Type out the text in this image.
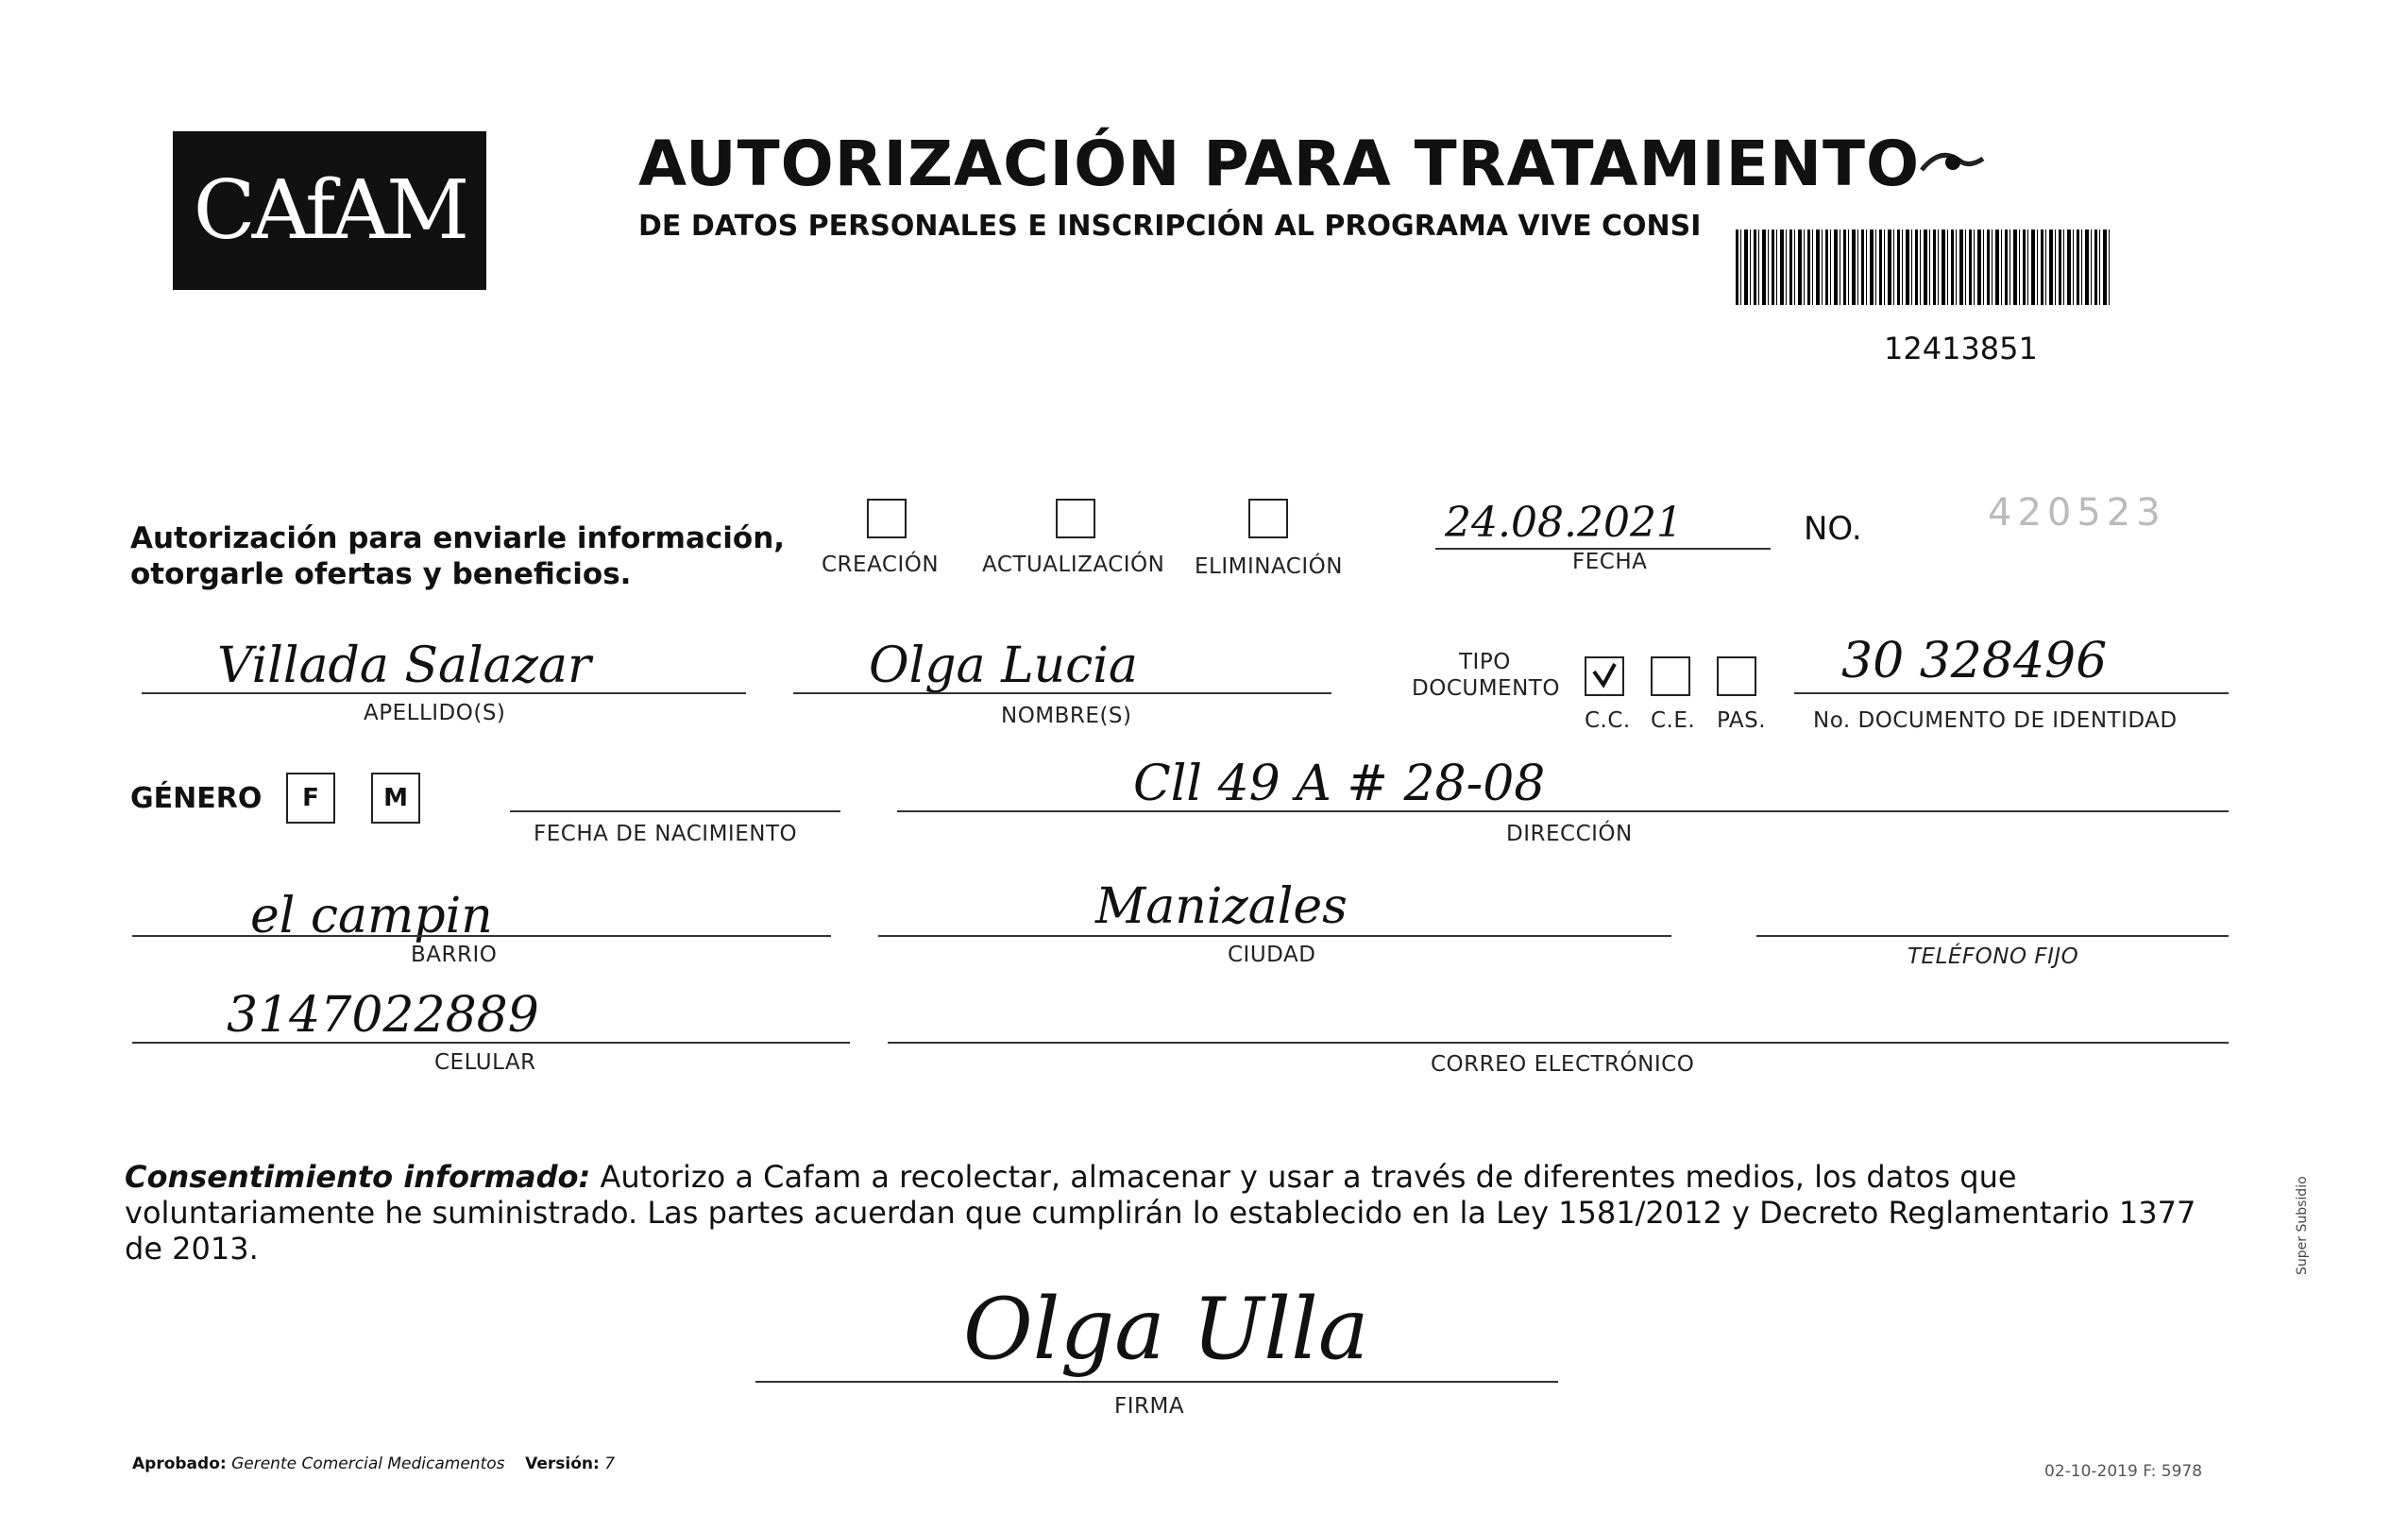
CAfAM	AUTORIZACIÓN PARA TRATAMIENTO
DE DATOS PERSONALES E INSCRIPCIÓN AL PROGRAMA VIVE CONSI
12413851
Autorización para enviarle información,
otorgarle ofertas y beneficios.	CREACIÓN ACTUALIZACIÓN ELIMINACIÓN
24.08.2021
FECHA
NO.	420523
Villada Salazar
APELLIDO(S)
Olga Lucia
NOMBRE(S)
TIPO
DOCUMENTO
C.C. C.E. PAS.
30 328496
No. DOCUMENTO DE IDENTIDAD
GÉNERO	F	M
FECHA DE NACIMIENTO
Cll 49 A # 28-08
DIRECCIÓN
el campin
BARRIO
Manizales
CIUDAD	TELÉFONO FIJO
3147022889
CELULAR	CORREO ELECTRÓNICO
Consentimiento informado: Autorizo a Cafam a recolectar, almacenar y usar a través de diferentes medios, los datos que voluntariamente he suministrado. Las partes acuerdan que cumplirán lo establecido en la Ley 1581/2012 y Decreto Reglamentario 1377 de 2013.
Olga Ulla
FIRMA
Aprobado: Gerente Comercial Medicamentos Versión: 7	02-10-2019 F: 5978
Super Subsidio
